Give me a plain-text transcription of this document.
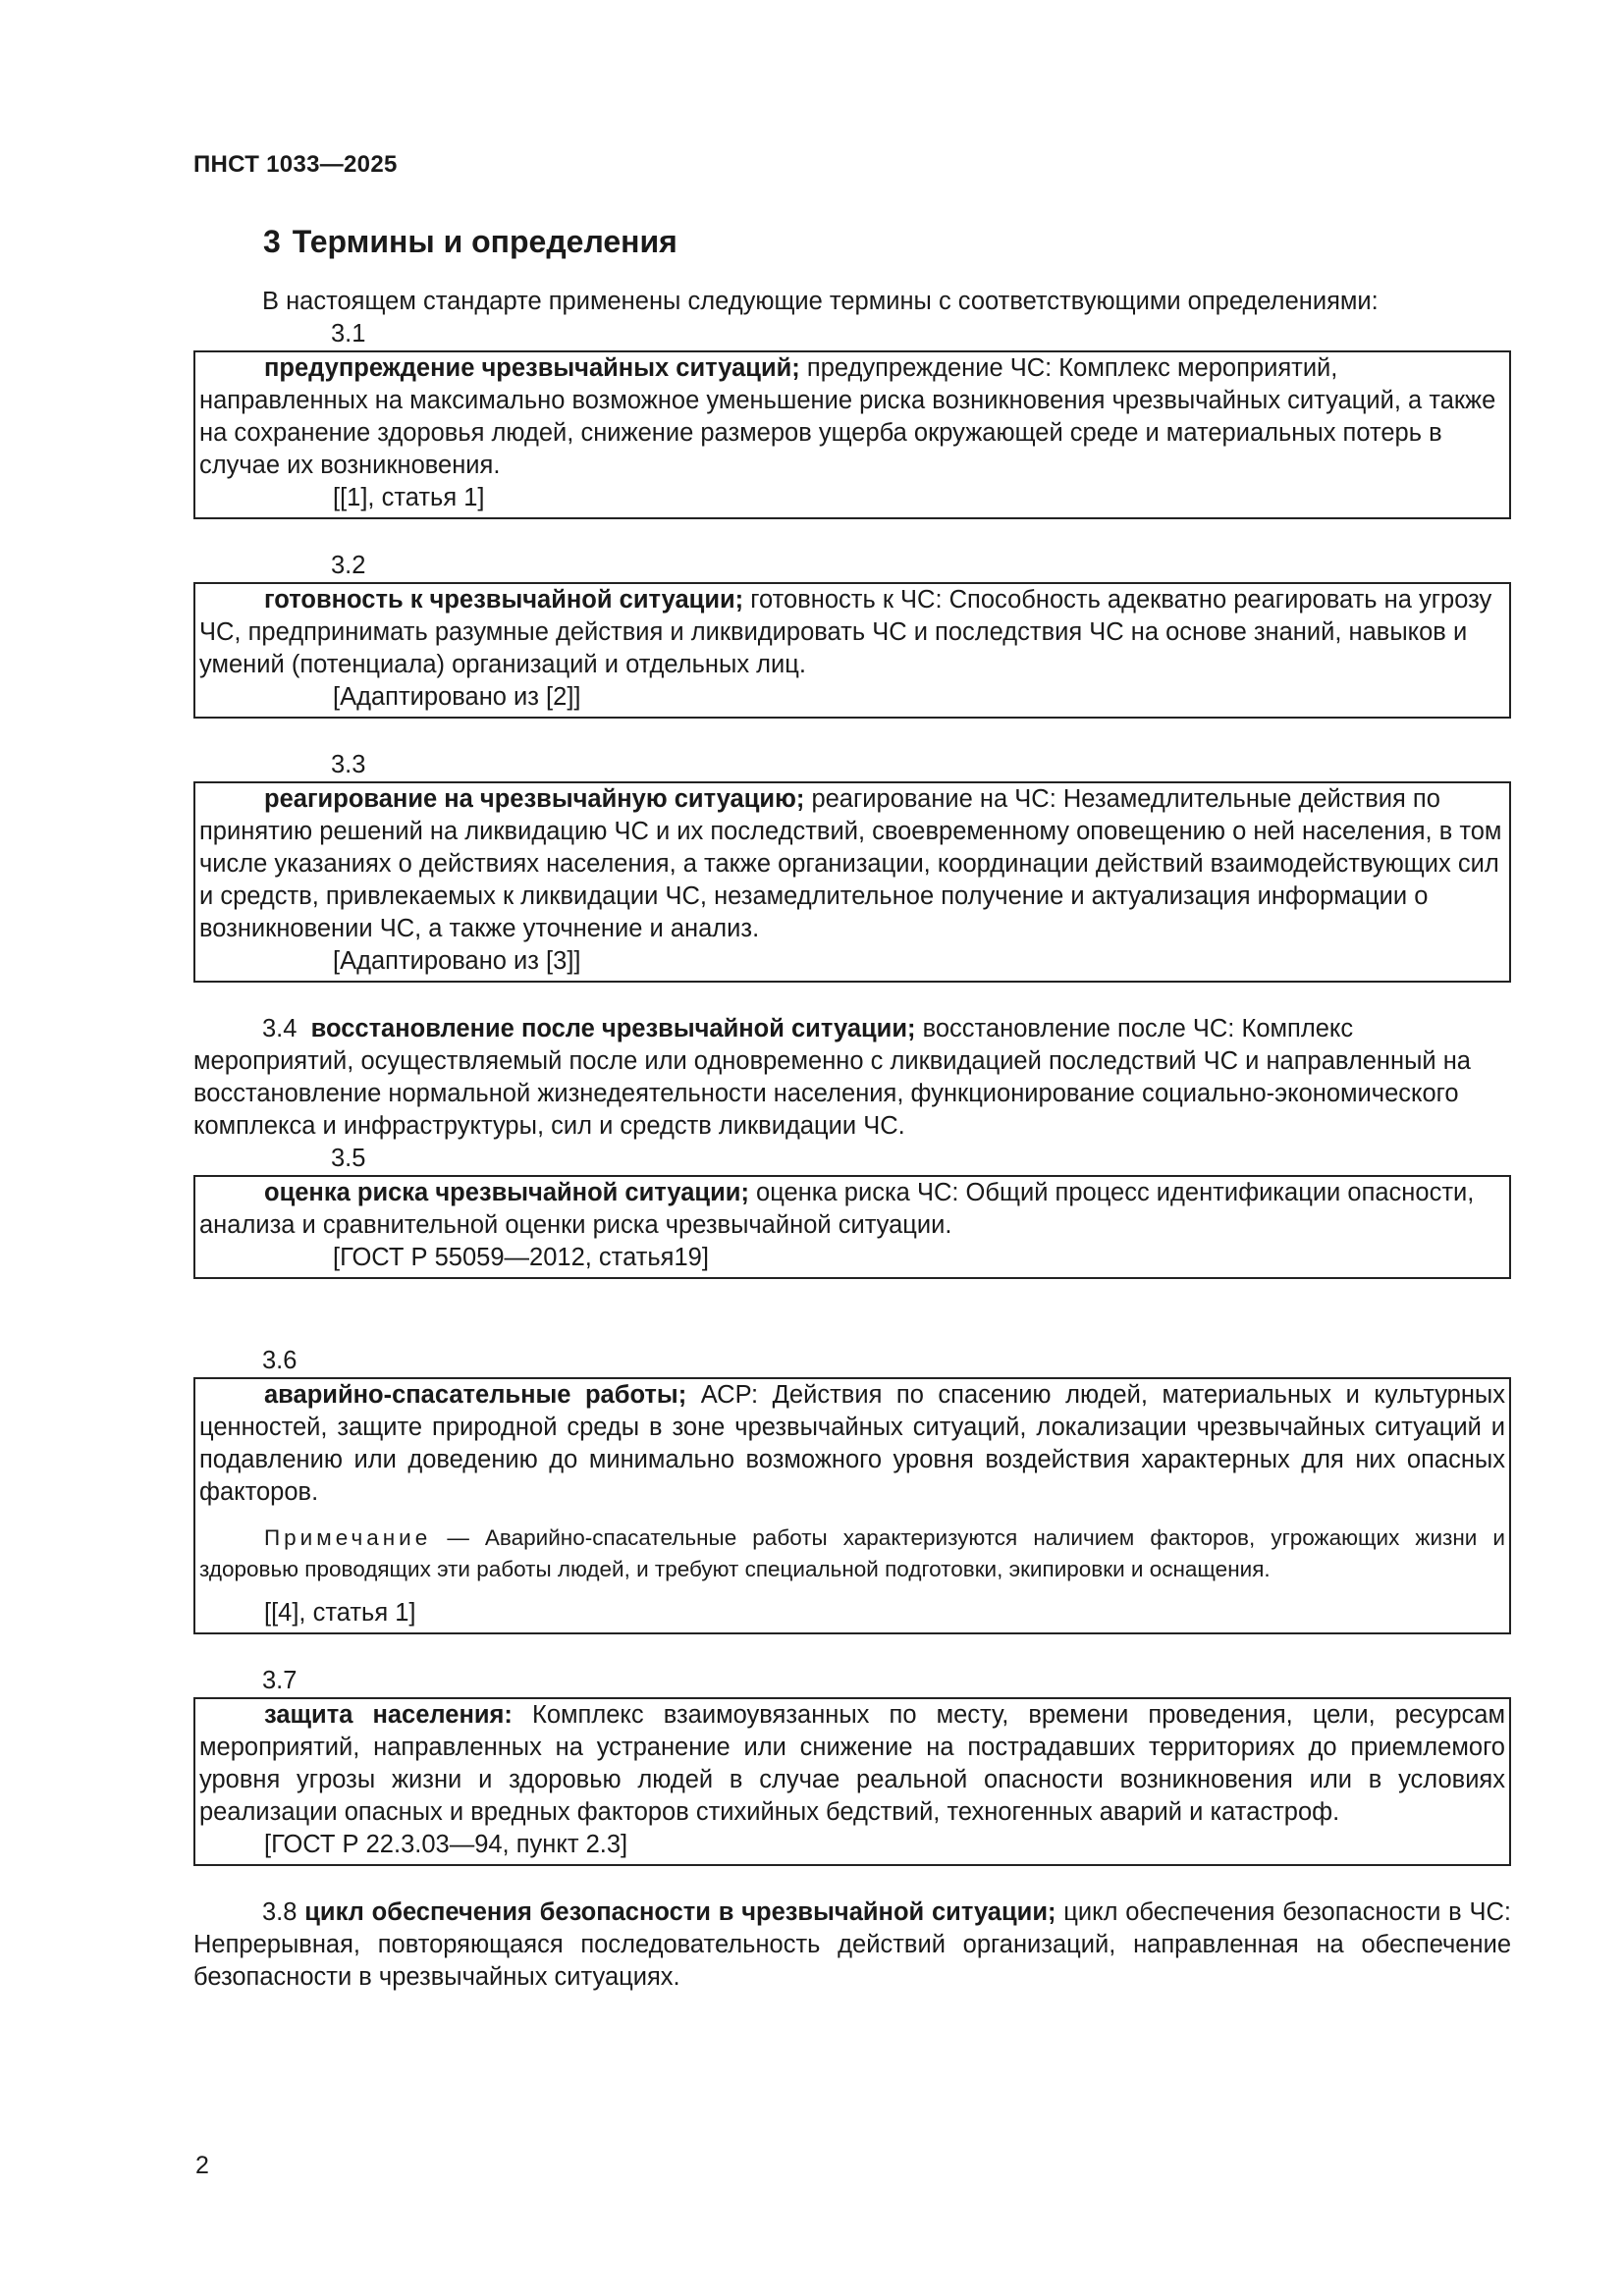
ПНСТ 1033—2025

3 Термины и определения

В настоящем стандарте применены следующие термины с соответствующими определениями:

3.1

предупреждение чрезвычайных ситуаций; предупреждение ЧС: Комплекс мероприятий, направленных на максимально возможное уменьшение риска возникновения чрезвычайных ситуаций, а также на сохранение здоровья людей, снижение размеров ущерба окружающей среде и материальных потерь в случае их возникновения.

[[1], статья 1]

3.2

готовность к чрезвычайной ситуации; готовность к ЧС: Способность адекватно реагировать на угрозу ЧС, предпринимать разумные действия и ликвидировать ЧС и последствия ЧС на основе знаний, навыков и умений (потенциала) организаций и отдельных лиц.

[Адаптировано из [2]]

3.3

реагирование на чрезвычайную ситуацию; реагирование на ЧС: Незамедлительные действия по принятию решений на ликвидацию ЧС и их последствий, своевременному оповещению о ней населения, в том числе указаниях о действиях населения, а также организации, координации действий взаимодействующих сил и средств, привлекаемых к ликвидации ЧС, незамедлительное получение и актуализация информации о возникновении ЧС, а также уточнение и анализ.

[Адаптировано из [3]]

3.4 восстановление после чрезвычайной ситуации; восстановление после ЧС: Комплекс мероприятий, осуществляемый после или одновременно с ликвидацией последствий ЧС и направленный на восстановление нормальной жизнедеятельности населения, функционирование социально-экономического комплекса и инфраструктуры, сил и средств ликвидации ЧС.

3.5

оценка риска чрезвычайной ситуации; оценка риска ЧС: Общий процесс идентификации опасности, анализа и сравнительной оценки риска чрезвычайной ситуации.

[ГОСТ Р 55059—2012, статья19]

3.6

аварийно-спасательные работы; АСР: Действия по спасению людей, материальных и культурных ценностей, защите природной среды в зоне чрезвычайных ситуаций, локализации чрезвычайных ситуаций и подавлению или доведению до минимально возможного уровня воздействия характерных для них опасных факторов.

Примечание — Аварийно-спасательные работы характеризуются наличием факторов, угрожающих жизни и здоровью проводящих эти работы людей, и требуют специальной подготовки, экипировки и оснащения.

[[4], статья 1]

3.7

защита населения: Комплекс взаимоувязанных по месту, времени проведения, цели, ресурсам мероприятий, направленных на устранение или снижение на пострадавших территориях до приемлемого уровня угрозы жизни и здоровью людей в случае реальной опасности возникновения или в условиях реализации опасных и вредных факторов стихийных бедствий, техногенных аварий и катастроф.

[ГОСТ Р 22.3.03—94, пункт 2.3]

3.8 цикл обеспечения безопасности в чрезвычайной ситуации; цикл обеспечения безопасности в ЧС: Непрерывная, повторяющаяся последовательность действий организаций, направленная на обеспечение безопасности в чрезвычайных ситуациях.

2
